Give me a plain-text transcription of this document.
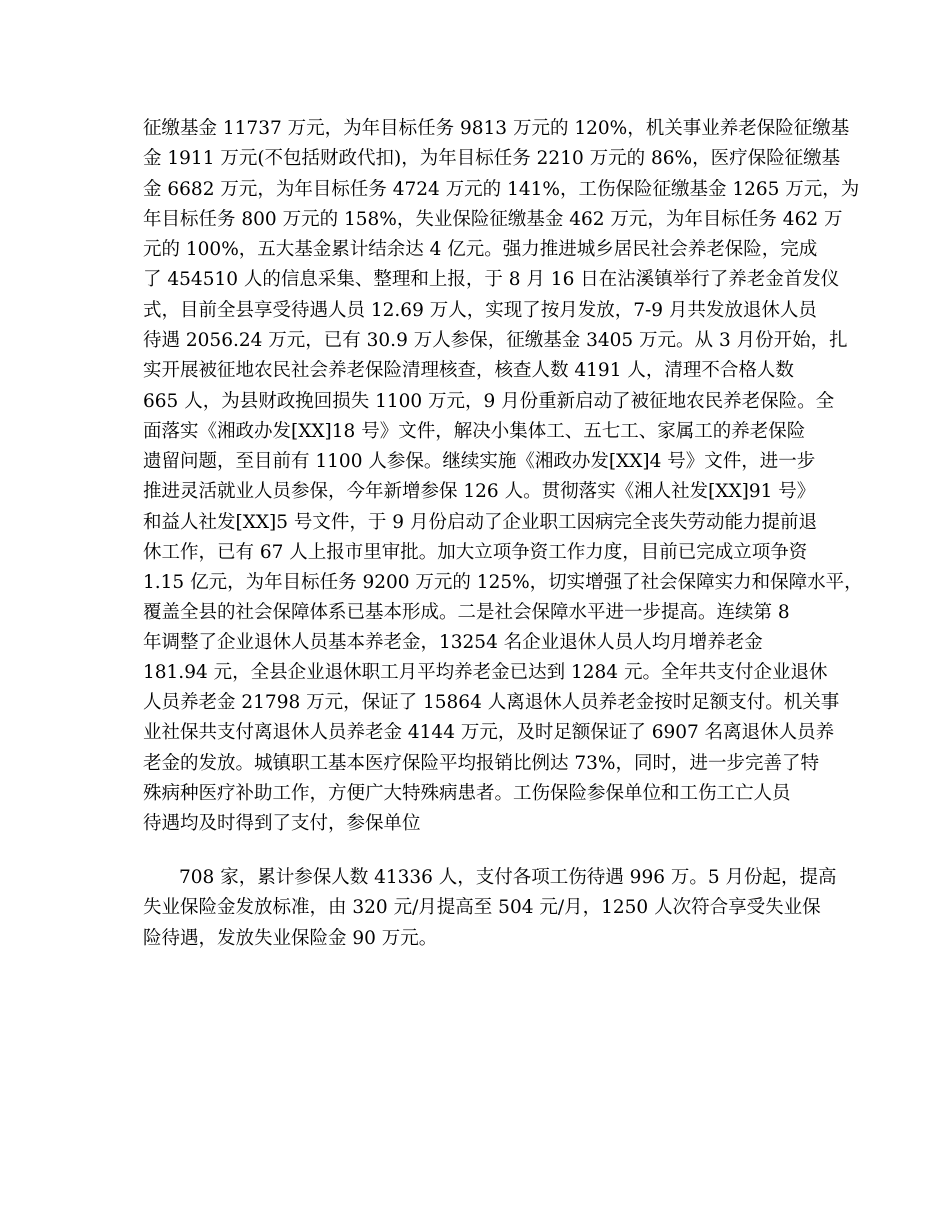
征缴基金 11737 万元，为年目标任务 9813 万元的 120%，机关事业养老保险征缴基
金 1911 万元(不包括财政代扣)，为年目标任务 2210 万元的 86%，医疗保险征缴基
金 6682 万元，为年目标任务 4724 万元的 141%，工伤保险征缴基金 1265 万元，为
年目标任务 800 万元的 158%，失业保险征缴基金 462 万元，为年目标任务 462 万
元的 100%，五大基金累计结余达 4 亿元。强力推进城乡居民社会养老保险，完成
了 454510 人的信息采集、整理和上报，于 8 月 16 日在沾溪镇举行了养老金首发仪
式，目前全县享受待遇人员 12.69 万人，实现了按月发放，7-9 月共发放退休人员
待遇 2056.24 万元，已有 30.9 万人参保，征缴基金 3405 万元。从 3 月份开始，扎
实开展被征地农民社会养老保险清理核查，核查人数 4191 人，清理不合格人数
665 人，为县财政挽回损失 1100 万元，9 月份重新启动了被征地农民养老保险。全
面落实《湘政办发[XX]18 号》文件，解决小集体工、五七工、家属工的养老保险
遗留问题，至目前有 1100 人参保。继续实施《湘政办发[XX]4 号》文件，进一步
推进灵活就业人员参保，今年新增参保 126 人。贯彻落实《湘人社发[XX]91 号》
和益人社发[XX]5 号文件，于 9 月份启动了企业职工因病完全丧失劳动能力提前退
休工作，已有 67 人上报市里审批。加大立项争资工作力度，目前已完成立项争资
1.15 亿元，为年目标任务 9200 万元的 125%，切实增强了社会保障实力和保障水平，
覆盖全县的社会保障体系已基本形成。二是社会保障水平进一步提高。连续第 8
年调整了企业退休人员基本养老金，13254 名企业退休人员人均月增养老金
181.94 元，全县企业退休职工月平均养老金已达到 1284 元。全年共支付企业退休
人员养老金 21798 万元，保证了 15864 人离退休人员养老金按时足额支付。机关事
业社保共支付离退休人员养老金 4144 万元，及时足额保证了 6907 名离退休人员养
老金的发放。城镇职工基本医疗保险平均报销比例达 73%，同时，进一步完善了特
殊病种医疗补助工作，方便广大特殊病患者。工伤保险参保单位和工伤工亡人员
待遇均及时得到了支付，参保单位
708 家，累计参保人数 41336 人，支付各项工伤待遇 996 万。5 月份起，提高
失业保险金发放标准，由 320 元/月提高至 504 元/月，1250 人次符合享受失业保
险待遇，发放失业保险金 90 万元。
